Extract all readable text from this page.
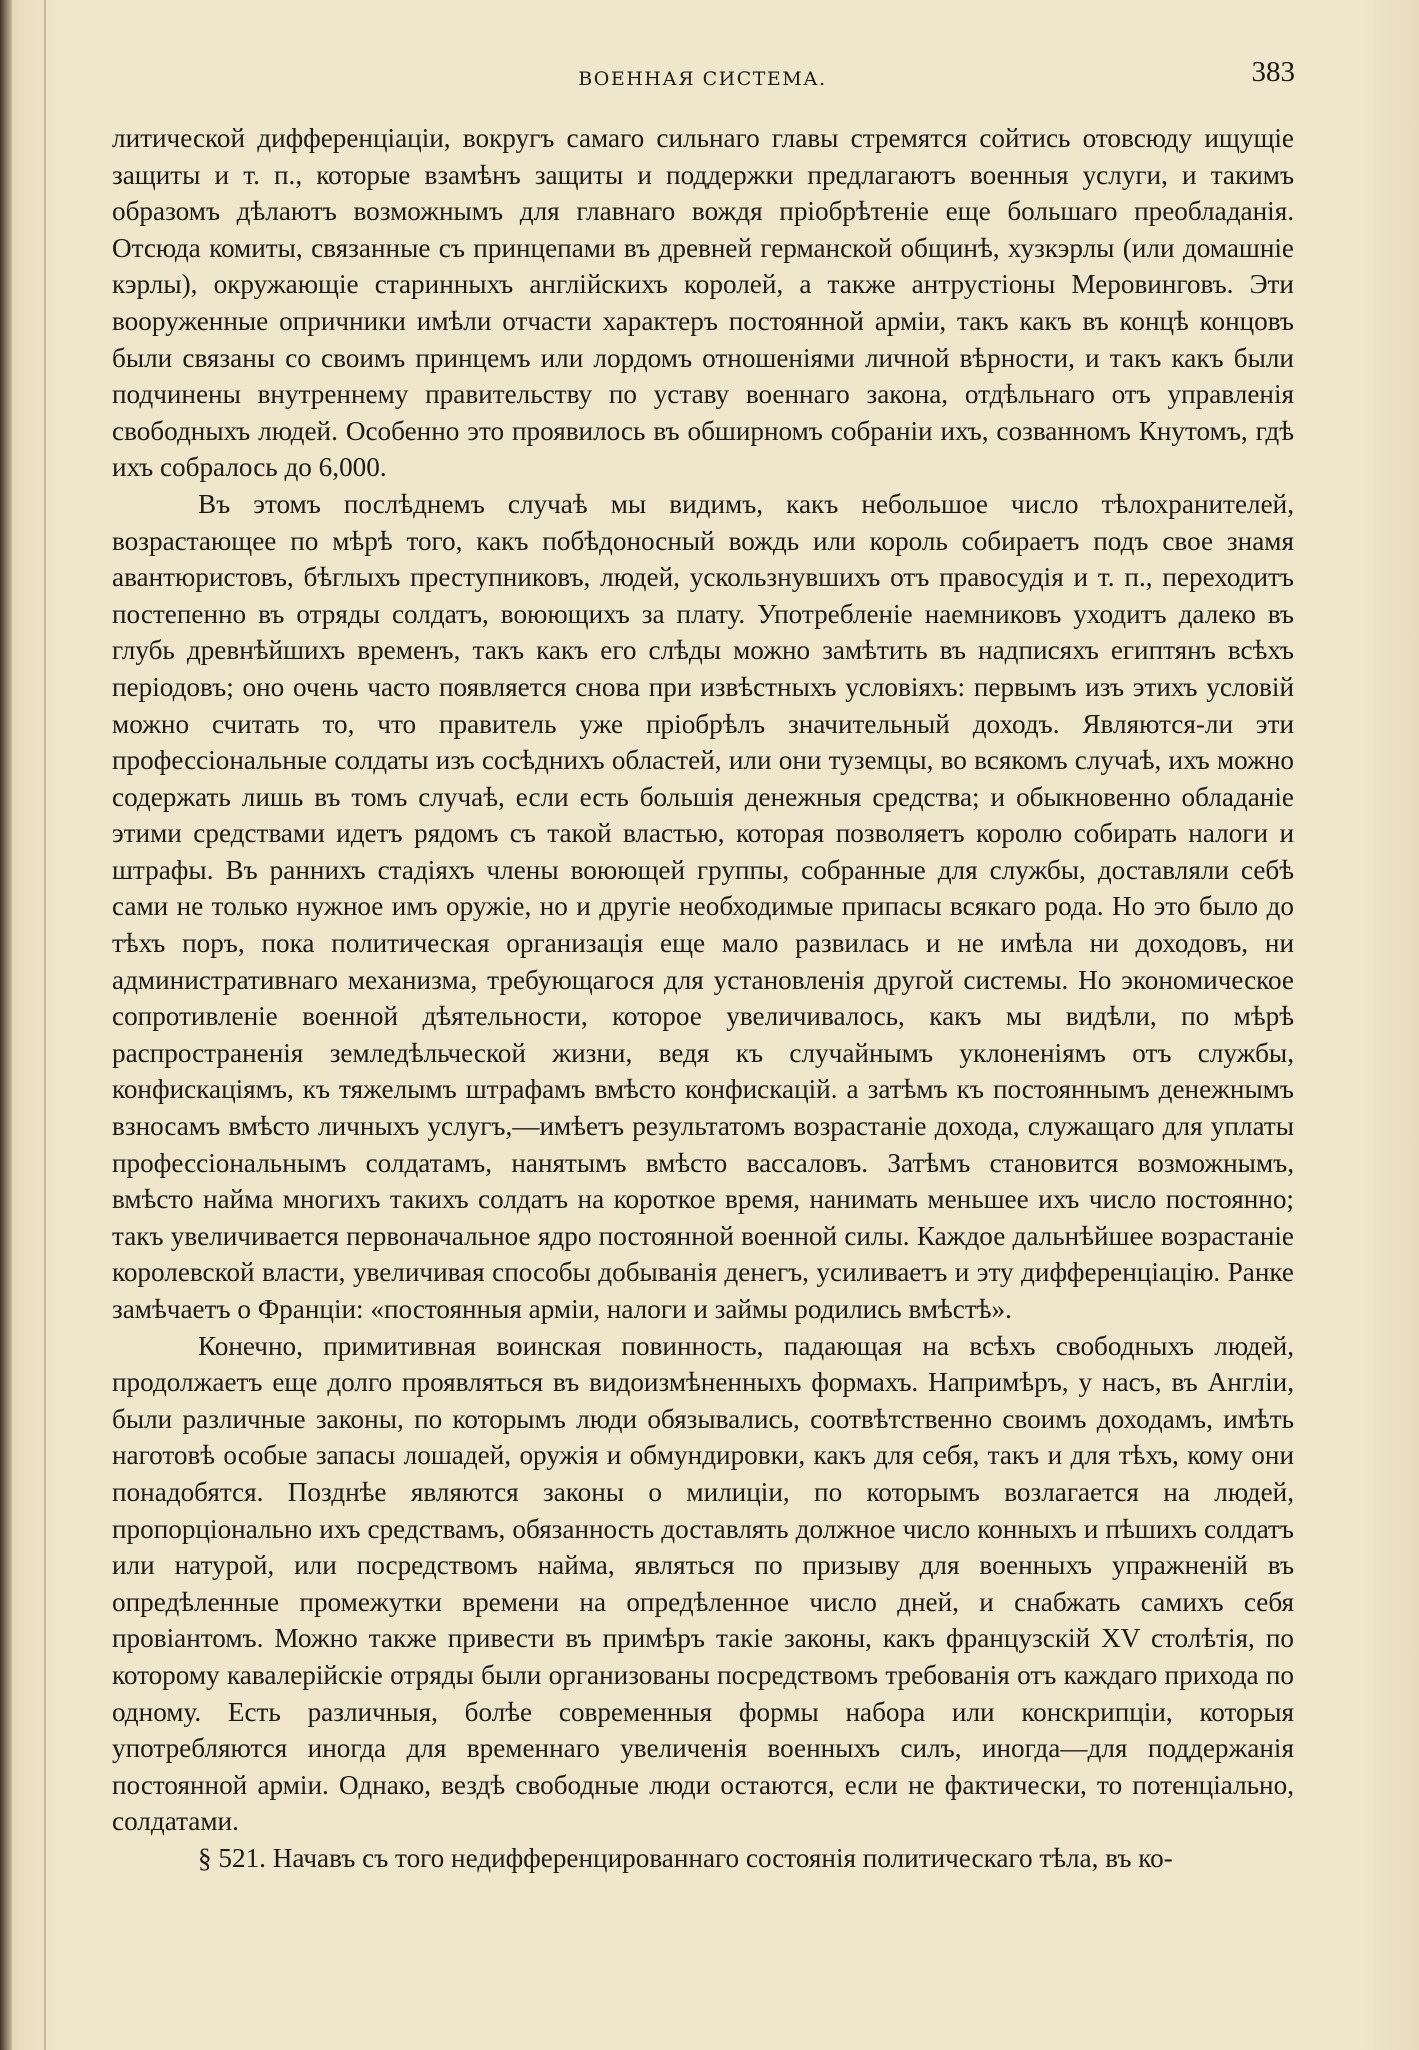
ВОЕННАЯ СИСТЕМА.	383

литической дифференціаціи, вокругъ самаго сильнаго главы стремятся сойтись отовсюду ищущіе защиты и т. п., которые взамѣнъ защиты и поддержки предлагаютъ военныя услуги, и такимъ образомъ дѣлаютъ возможнымъ для главнаго вождя пріобрѣтеніе еще большаго преобладанія. Отсюда комиты, связанные съ принцепами въ древней германской общинѣ, хузкэрлы (или домашніе кэрлы), окружающіе старинныхъ англійскихъ королей, а также антрустіоны Меровинговъ. Эти вооруженные опричники имѣли отчасти характеръ постоянной арміи, такъ какъ въ концѣ концовъ были связаны со своимъ принцемъ или лордомъ отношеніями личной вѣрности, и такъ какъ были подчинены внутреннему правительству по уставу военнаго закона, отдѣльнаго отъ управленія свободныхъ людей. Особенно это проявилось въ обширномъ собраніи ихъ, созванномъ Кнутомъ, гдѣ ихъ собралось до 6,000.

Въ этомъ послѣднемъ случаѣ мы видимъ, какъ небольшое число тѣлохранителей, возрастающее по мѣрѣ того, какъ побѣдоносный вождь или король собираетъ подъ свое знамя авантюристовъ, бѣглыхъ преступниковъ, людей, ускользнувшихъ отъ правосудія и т. п., переходитъ постепенно въ отряды солдатъ, воюющихъ за плату. Употребленіе наемниковъ уходитъ далеко въ глубь древнѣйшихъ временъ, такъ какъ его слѣды можно замѣтить въ надписяхъ египтянъ всѣхъ періодовъ; оно очень часто появляется снова при извѣстныхъ условіяхъ: первымъ изъ этихъ условій можно считать то, что правитель уже пріобрѣлъ значительный доходъ. Являются-ли эти профессіональные солдаты изъ сосѣднихъ областей, или они туземцы, во всякомъ случаѣ, ихъ можно содержать лишь въ томъ случаѣ, если есть большія денежныя средства; и обыкновенно обладаніе этими средствами идетъ рядомъ съ такой властью, которая позволяетъ королю собирать налоги и штрафы. Въ раннихъ стадіяхъ члены воюющей группы, собранные для службы, доставляли себѣ сами не только нужное имъ оружіе, но и другіе необходимые припасы всякаго рода. Но это было до тѣхъ поръ, пока политическая организація еще мало развилась и не имѣла ни доходовъ, ни административнаго механизма, требующагося для установленія другой системы. Но экономическое сопротивленіе военной дѣятельности, которое увеличивалось, какъ мы видѣли, по мѣрѣ распространенія земледѣльческой жизни, ведя къ случайнымъ уклоненіямъ отъ службы, конфискаціямъ, къ тяжелымъ штрафамъ вмѣсто конфискацій. а затѣмъ къ постояннымъ денежнымъ взносамъ вмѣсто личныхъ услугъ,—имѣетъ результатомъ возрастаніе дохода, служащаго для уплаты профессіональнымъ солдатамъ, нанятымъ вмѣсто вассаловъ. Затѣмъ становится возможнымъ, вмѣсто найма многихъ такихъ солдатъ на короткое время, нанимать меньшее ихъ число постоянно; такъ увеличивается первоначальное ядро постоянной военной силы. Каждое дальнѣйшее возрастаніе королевской власти, увеличивая способы добыванія денегъ, усиливаетъ и эту дифференціацію. Ранке замѣчаетъ о Франціи: «постоянныя арміи, налоги и займы родились вмѣстѣ».

Конечно, примитивная воинская повинность, падающая на всѣхъ свободныхъ людей, продолжаетъ еще долго проявляться въ видоизмѣненныхъ формахъ. Напримѣръ, у насъ, въ Англіи, были различные законы, по которымъ люди обязывались, соотвѣтственно своимъ доходамъ, имѣть наготовѣ особые запасы лошадей, оружія и обмундировки, какъ для себя, такъ и для тѣхъ, кому они понадобятся. Позднѣе являются законы о милиціи, по которымъ возлагается на людей, пропорціонально ихъ средствамъ, обязанность доставлять должное число конныхъ и пѣшихъ солдатъ или натурой, или посредствомъ найма, являться по призыву для военныхъ упражненій въ опредѣленные промежутки времени на опредѣленное число дней, и снабжать самихъ себя провіантомъ. Можно также привести въ примѣръ такіе законы, какъ французскій XV столѣтія, по которому кавалерійскіе отряды были организованы посредствомъ требованія отъ каждаго прихода по одному. Есть различныя, болѣе современныя формы набора или конскрипціи, которыя употребляются иногда для временнаго увеличенія военныхъ силъ, иногда—для поддержанія постоянной арміи. Однако, вездѣ свободные люди остаются, если не фактически, то потенціально, солдатами.

§ 521. Начавъ съ того недифференцированнаго состоянія политическаго тѣла, въ ко-
